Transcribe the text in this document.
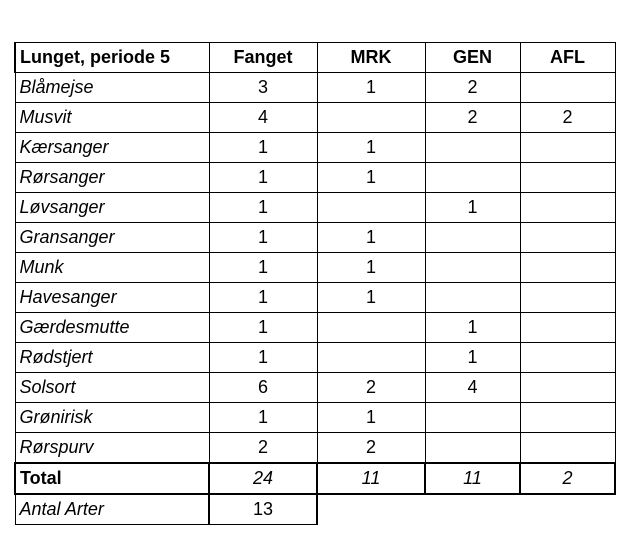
Lunget, periode 5	Fanget	MRK	GEN	AFL
Blåmejse	3	1	2	
Musvit	4		2	2
Kærsanger	1	1		
Rørsanger	1	1		
Løvsanger	1		1	
Gransanger	1	1		
Munk	1	1		
Havesanger	1	1		
Gærdesmutte	1		1	
Rødstjert	1		1	
Solsort	6	2	4	
Grønirisk	1	1		
Rørspurv	2	2		
Total	24	11	11	2
Antal Arter	13			
